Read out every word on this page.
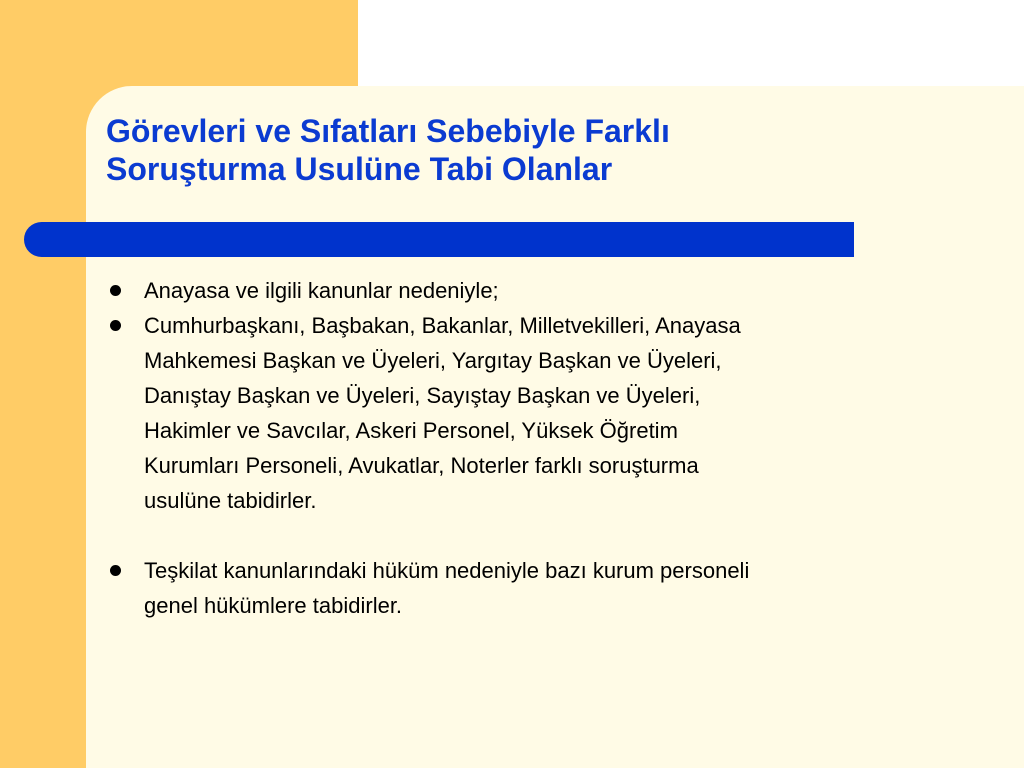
Görevleri ve Sıfatları Sebebiyle Farklı
Soruşturma Usulüne Tabi Olanlar
Anayasa ve ilgili kanunlar nedeniyle;
Cumhurbaşkanı, Başbakan, Bakanlar, Milletvekilleri, Anayasa
Mahkemesi Başkan ve Üyeleri, Yargıtay Başkan ve Üyeleri,
Danıştay Başkan ve Üyeleri, Sayıştay Başkan ve Üyeleri,
Hakimler ve Savcılar, Askeri Personel, Yüksek Öğretim
Kurumları Personeli, Avukatlar, Noterler farklı soruşturma
usulüne tabidirler.
Teşkilat kanunlarındaki hüküm nedeniyle bazı kurum personeli
genel hükümlere tabidirler.
